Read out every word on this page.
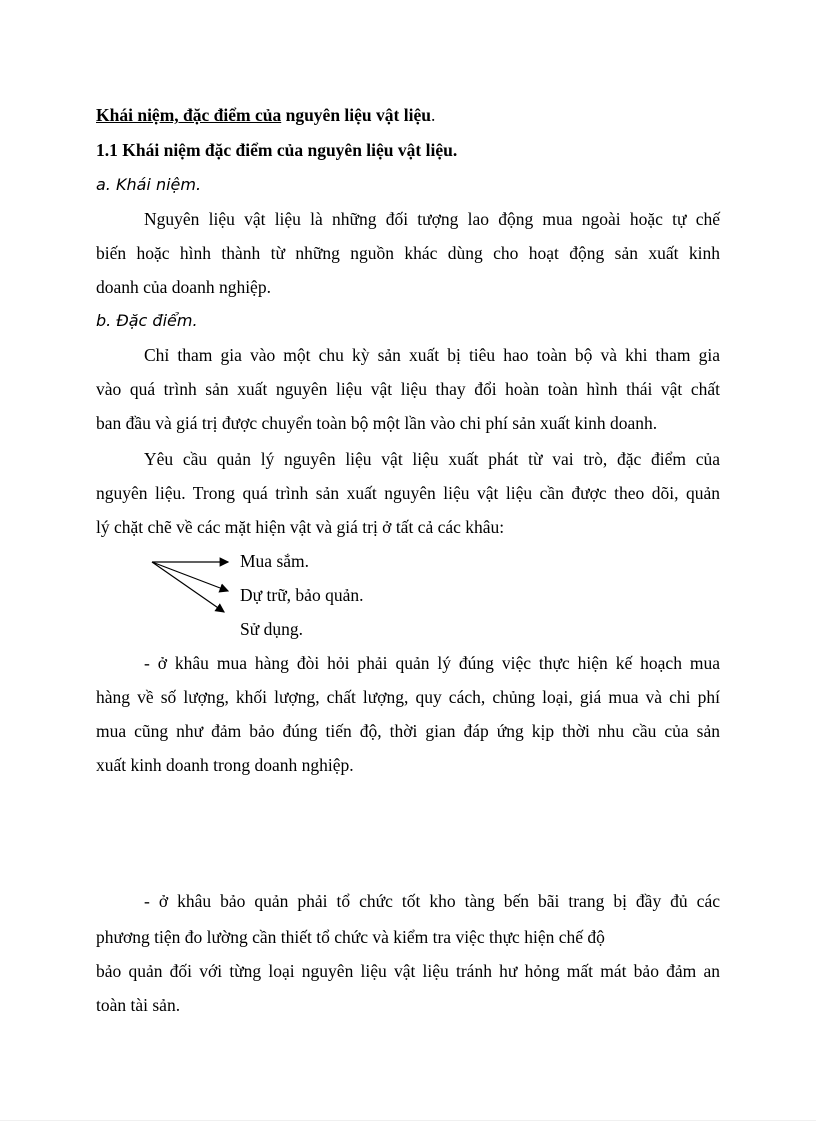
Khái niệm, đặc điểm của nguyên liệu vật liệu.
1.1 Khái niệm đặc điểm của nguyên liệu vật liệu.
a. Khái niệm.
Nguyên liệu vật liệu là những đối tượng lao động mua ngoài hoặc tự chế
biến hoặc hình thành từ những nguồn khác dùng cho hoạt động sản xuất kinh
doanh của doanh nghiệp.
b. Đặc điểm.
Chỉ tham gia vào một chu kỳ sản xuất bị tiêu hao toàn bộ và khi tham gia
vào quá trình sản xuất nguyên liệu vật liệu thay đổi hoàn toàn hình thái vật chất
ban đầu và giá trị được chuyển toàn bộ một lần vào chi phí sản xuất kinh doanh.
Yêu cầu quản lý nguyên liệu vật liệu xuất phát từ vai trò, đặc điểm của
nguyên liệu. Trong quá trình sản xuất nguyên liệu vật liệu cần được theo dõi, quản
lý chặt chẽ về các mặt hiện vật và giá trị ở tất cả các khâu:
Mua sắm.
Dự trữ, bảo quản.
Sử dụng.
- ở khâu mua hàng đòi hỏi phải quản lý đúng việc thực hiện kế hoạch mua
hàng về số lượng, khối lượng, chất lượng, quy cách, chủng loại, giá mua và chi phí
mua cũng như đảm bảo đúng tiến độ, thời gian đáp ứng kịp thời nhu cầu của sản
xuất kinh doanh trong doanh nghiệp.
- ở khâu bảo quản phải tổ chức tốt kho tàng bến bãi trang bị đầy đủ các
phương tiện đo lường cần thiết tổ chức và kiểm tra việc thực hiện chế độ
bảo quản đối với từng loại nguyên liệu vật liệu tránh hư hỏng mất mát bảo đảm an
toàn tài sản.
